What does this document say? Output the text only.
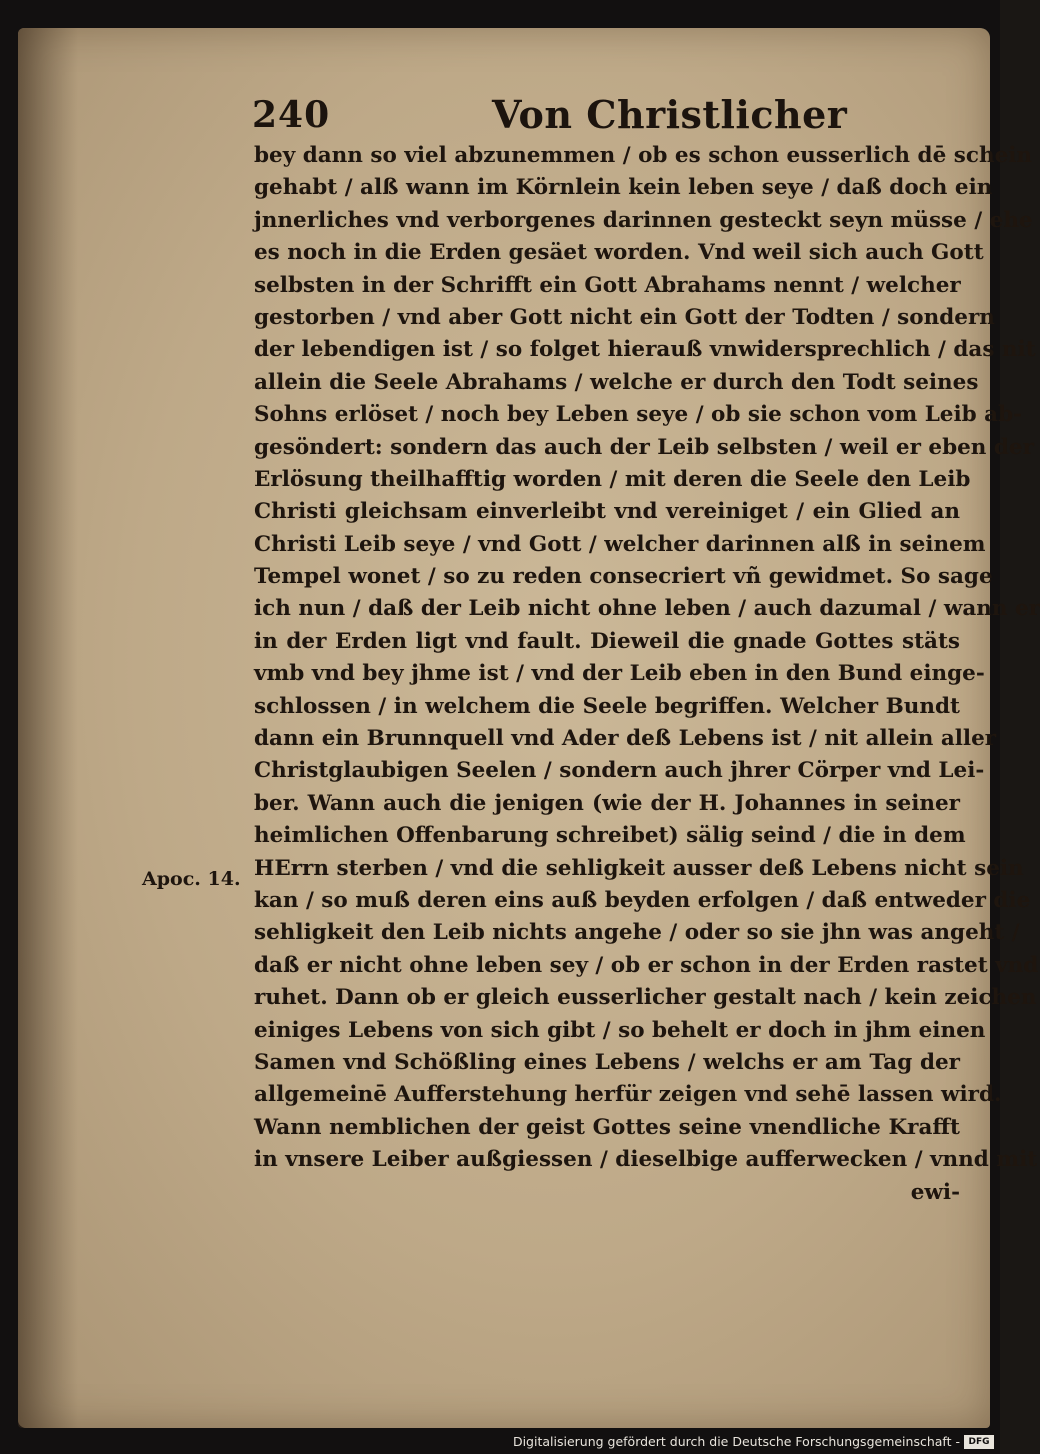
240	Von Christlicher
Apoc. 14.
bey dann so viel abzunemmen / ob es schon eusserlich dē schein
gehabt / alß wann im Körnlein kein leben seye / daß doch ein
jnnerliches vnd verborgenes darinnen gesteckt seyn müsse / ehe
es noch in die Erden gesäet worden. Vnd weil sich auch Gott
selbsten in der Schrifft ein Gott Abrahams nennt / welcher
gestorben / vnd aber Gott nicht ein Gott der Todten / sondern
der lebendigen ist / so folget hierauß vnwidersprechlich / das nit
allein die Seele Abrahams / welche er durch den Todt seines
Sohns erlöset / noch bey Leben seye / ob sie schon vom Leib ab-
gesöndert: sondern das auch der Leib selbsten / weil er eben der
Erlösung theilhafftig worden / mit deren die Seele den Leib
Christi gleichsam einverleibt vnd vereiniget / ein Glied an
Christi Leib seye / vnd Gott / welcher darinnen alß in seinem
Tempel wonet / so zu reden consecriert vñ gewidmet. So sage
ich nun / daß der Leib nicht ohne leben / auch dazumal / wann er
in der Erden ligt vnd fault. Dieweil die gnade Gottes stäts
vmb vnd bey jhme ist / vnd der Leib eben in den Bund einge-
schlossen / in welchem die Seele begriffen. Welcher Bundt
dann ein Brunnquell vnd Ader deß Lebens ist / nit allein aller
Christglaubigen Seelen / sondern auch jhrer Cörper vnd Lei-
ber. Wann auch die jenigen (wie der H. Johannes in seiner
heimlichen Offenbarung schreibet) sälig seind / die in dem
HErrn sterben / vnd die sehligkeit ausser deß Lebens nicht sein
kan / so muß deren eins auß beyden erfolgen / daß entweder die
sehligkeit den Leib nichts angehe / oder so sie jhn was angeht /
daß er nicht ohne leben sey / ob er schon in der Erden rastet vnd
ruhet. Dann ob er gleich eusserlicher gestalt nach / kein zeichen
einiges Lebens von sich gibt / so behelt er doch in jhm einen
Samen vnd Schößling eines Lebens / welchs er am Tag der
allgemeinē Aufferstehung herfür zeigen vnd sehē lassen wird.
Wann nemblichen der geist Gottes seine vnendliche Krafft
in vnsere Leiber außgiessen / dieselbige aufferwecken / vnnd mit
ewi-
Digitalisierung gefördert durch die Deutsche Forschungsgemeinschaft - DFG
